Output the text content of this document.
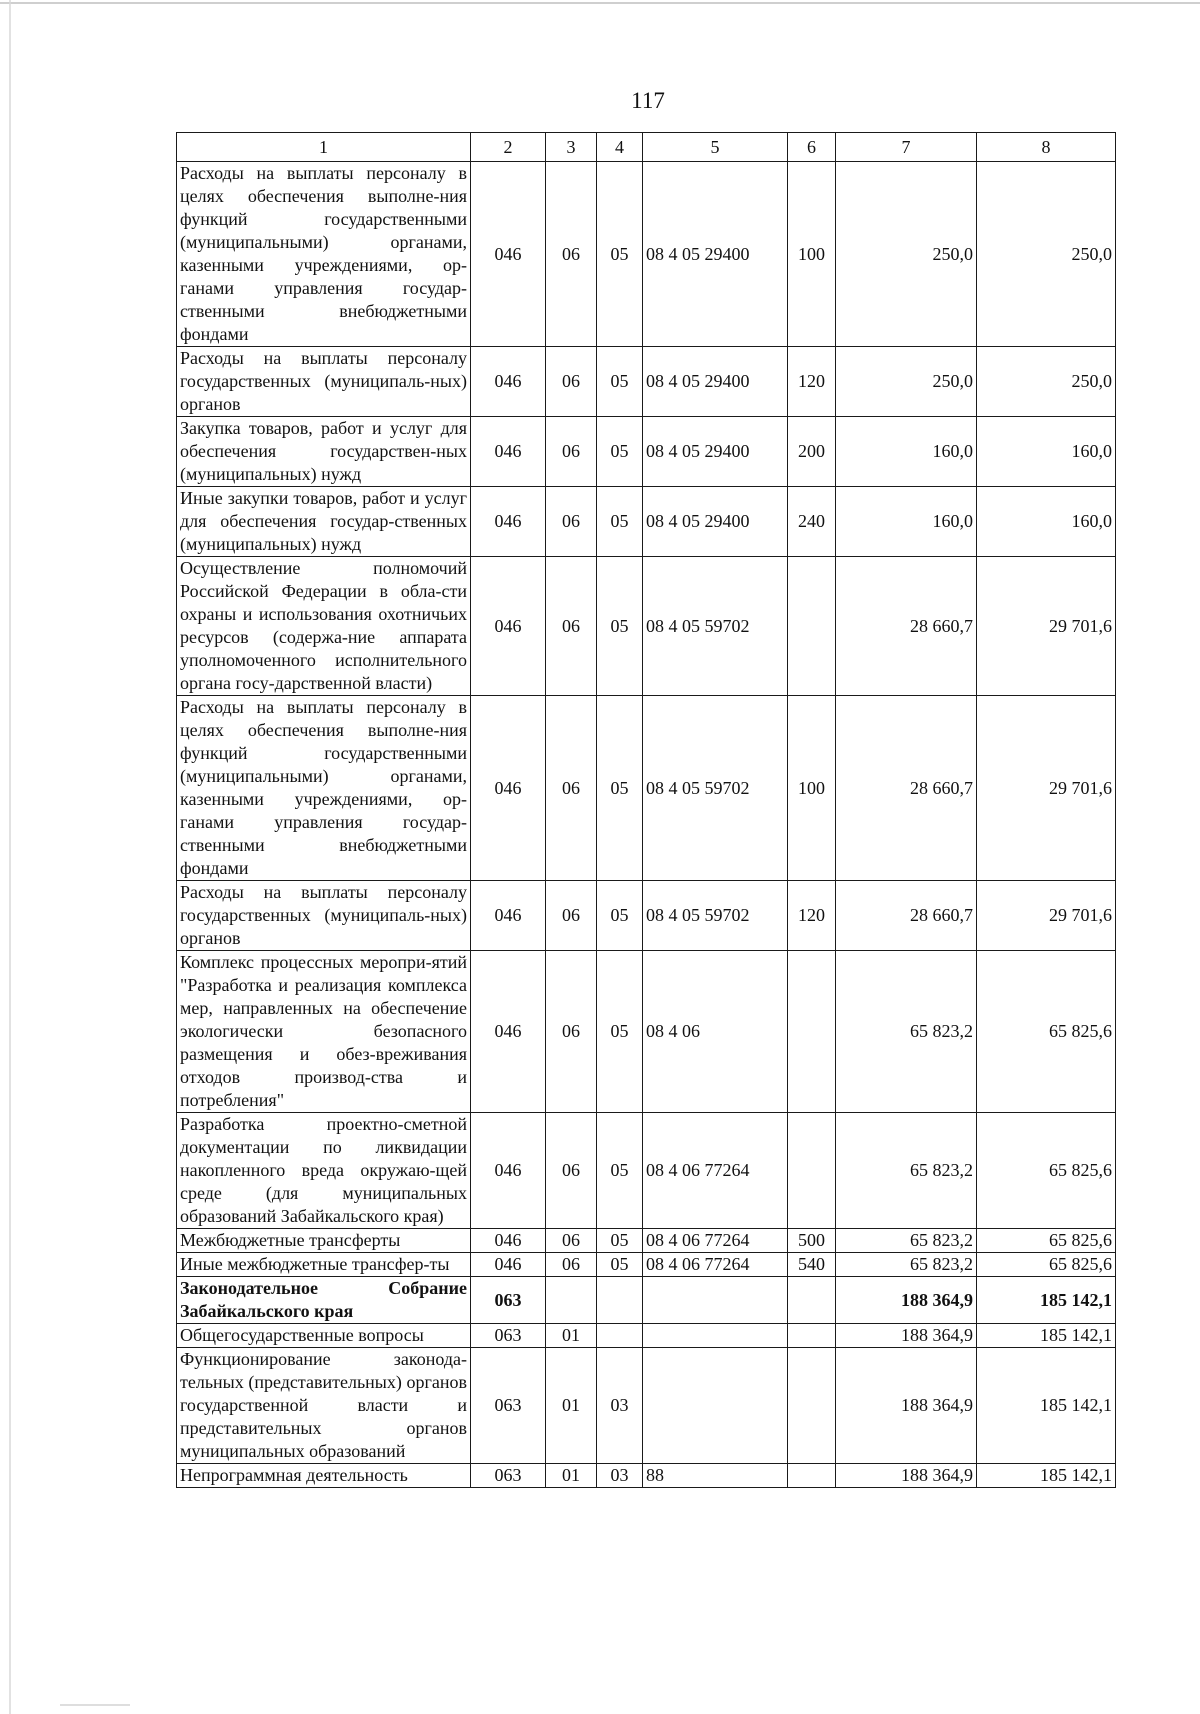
117
1	2	3	4	5	6	7	8
Расходы на выплаты персоналу в целях обеспечения выполне-ния функций государственными (муниципальными) органами, казенными учреждениями, ор-ганами управления государ-ственными внебюджетными фондами	046	06	05	08 4 05 29400	100	250,0	250,0
Расходы на выплаты персоналу государственных (муниципаль-ных) органов	046	06	05	08 4 05 29400	120	250,0	250,0
Закупка товаров, работ и услуг для обеспечения государствен-ных (муниципальных) нужд	046	06	05	08 4 05 29400	200	160,0	160,0
Иные закупки товаров, работ и услуг для обеспечения государ-ственных (муниципальных) нужд	046	06	05	08 4 05 29400	240	160,0	160,0
Осуществление полномочий Российской Федерации в обла-сти охраны и использования охотничьих ресурсов (содержа-ние аппарата уполномоченного исполнительного органа госу-дарственной власти)	046	06	05	08 4 05 59702		28 660,7	29 701,6
Расходы на выплаты персоналу в целях обеспечения выполне-ния функций государственными (муниципальными) органами, казенными учреждениями, ор-ганами управления государ-ственными внебюджетными фондами	046	06	05	08 4 05 59702	100	28 660,7	29 701,6
Расходы на выплаты персоналу государственных (муниципаль-ных) органов	046	06	05	08 4 05 59702	120	28 660,7	29 701,6
Комплекс процессных меропри-ятий "Разработка и реализация комплекса мер, направленных на обеспечение экологически безопасного размещения и обез-вреживания отходов производ-ства и потребления"	046	06	05	08 4 06		65 823,2	65 825,6
Разработка проектно-сметной документации по ликвидации накопленного вреда окружаю-щей среде (для муниципальных образований Забайкальского края)	046	06	05	08 4 06 77264		65 823,2	65 825,6
Межбюджетные трансферты	046	06	05	08 4 06 77264	500	65 823,2	65 825,6
Иные межбюджетные трансфер-ты	046	06	05	08 4 06 77264	540	65 823,2	65 825,6
Законодательное Собрание Забайкальского края	063					188 364,9	185 142,1
Общегосударственные вопросы	063	01				188 364,9	185 142,1
Функционирование законода-тельных (представительных) органов государственной власти и представительных органов муниципальных образований	063	01	03			188 364,9	185 142,1
Непрограммная деятельность	063	01	03	88		188 364,9	185 142,1
